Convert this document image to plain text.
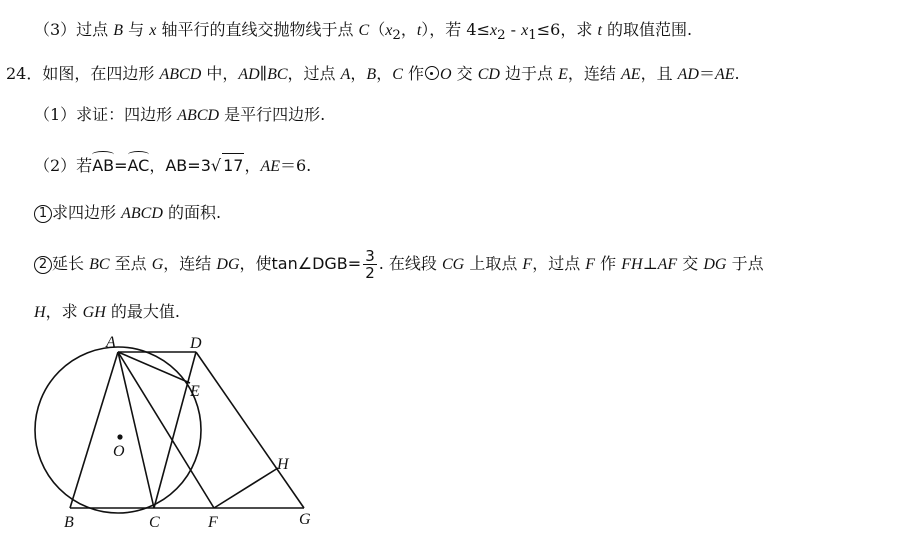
（3）过点 B 与 x 轴平行的直线交抛物线于点 $C(x_2$，t），若 $4\le x_2 - x_1\le 6$，求 t 的取值范围.
24．如图，在四边形 ABCD 中，AD∥BC，过点 A，B，C 作 O 交 CD 边于点 E，连结 AE，且 AD＝AE.
（1）求证：四边形 ABCD 是平行四边形.
（2）若AB=AC，AB=3√ 17，AE＝6.
1 求四边形 ABCD 的面积.
2 延长 BC 至点 G，连结 DG，使tan∠DGB= $\frac{3}{2}$ . 在线段 CG 上取点 F，过点 F 作 FH⊥AF 交 DG 于点
H，求 GH 的最大值.
A	D
E
O
H
B	C	F	G
